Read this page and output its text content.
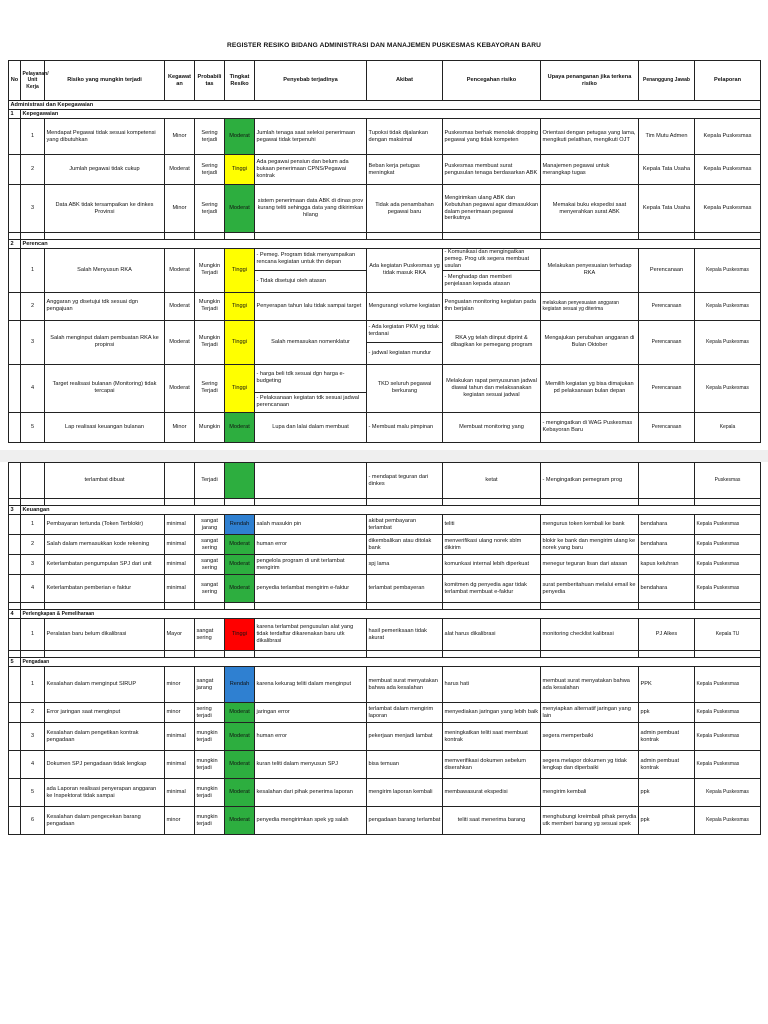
REGISTER RESIKO BIDANG ADMINISTRASI DAN MANAJEMEN PUSKESMAS KEBAYORAN BARU
No	Pelayanan/ Unit Kerja	Risiko yang mungkin terjadi	Kegawat an	Probabili tas	Tingkat Resiko	Penyebab terjadinya	Akibat	Pencegahan risiko	Upaya penanganan jika terkena risiko	Penanggung Jawab	Pelaporan
Administrasi dan Kepegawaian											
1	Kepegawaian										
	1	Mendapat Pegawai tidak sesuai kompetensi yang dibutuhkan	Minor	Sering terjadi	Moderat	Jumlah tenaga saat seleksi penerimaan pegawai tidak terpenuhi	Tupoksi tidak dijalankan dengan maksimal	Puskesmas berhak menolak dropping pegawai yang tidak kompeten	Orientasi dengan petugas yang lama, mengikuti pelatihan, mengikuti OJT	Tim Mutu Admen	Kepala Puskesmas
	2	Jumlah pegawai tidak cukup	Moderat	Sering terjadi	Tinggi	Ada pegawai pensiun dan belum ada bukaan penerimaan CPNS/Pegawai kontrak	Beban kerja petugas meningkat	Puskesmas membuat surat pengusulan tenaga berdasarkan ABK	Manajemen pegawai untuk merangkap tugas	Kepala Tata Usaha	Kepala Puskesmas
	3	Data ABK tidak tersampaikan ke dinkes Provinsi	Minor	Sering terjadi	Moderat	sistem penerimaan data ABK di dinas prov kurang teliti sehingga data yang dikirimkan hilang	Tidak ada penambahan pegawai baru	Mengirimkan ulang ABK dan Kebutuhan pegawai agar dimasukkan dalam penerimaan pegawai berikutnya	Memakai buku ekspedisi saat menyerahkan surat ABK	Kepala Tata Usaha	Kepala Puskesmas

2	Perencan										
	1	Salah Menyusun RKA	Moderat	Mungkin Terjadi	Tinggi	- Pemeg. Program tidak menyampaikan rencana kegiatan untuk thn depan	Ada kegiatan Puskesmas yg tidak masuk RKA	- Komunikasi dan mengingatkan pemeg. Prog utk segera membuat usulan	Melakukan penyesuaian terhadap RKA	Perencanaan	Kepala Puskesmas
						- Tidak disetujui oleh atasan		- Menghadap dan memberi penjelasan kepada atasan			
	2	Anggaran yg disetujui tdk sesuai dgn pengajuan	Moderat	Mungkin Terjadi	Tinggi	Penyerapan tahun lalu tidak sampai target	Mengurangi volume kegiatan	Penguatan monitoring kegiatan pada thn berjalan	melakukan penyesuaian anggaran kegiatan sesuai yg diterima	Perencanaan	Kepala Puskesmas
	3	Salah menginput dalam pembuatan RKA ke propinsi	Moderat	Mungkin Terjadi	Tinggi	Salah memasukan nomenklatur	- Ada kegiatan PKM yg tidak terdanai	RKA yg telah diinput diprint & dibagikan ke pemegang program	Mengajukan perubahan anggaran di Bulan Oktober	Perencanaan	Kepala Puskesmas
							- jadwal kegiatan mundur				
	4	Target realisasi bulanan (Monitoring) tidak tercapai	Moderat	Sering Terjadi	Tinggi	- harga beli tdk sesuai dgn harga e-budgeting	TKD seluruh pegawai berkurang	Melakukan rapat penyusunan jadwal diawal tahun dan melaksanakan kegiatan sesuai jadwal	Memilih kegiatan yg bisa dimajukan pd pelaksanaan bulan depan	Perencanaan	Kepala Puskesmas
						- Pelaksanaan kegiatan tdk sesuai jadwal perencanaan					
	5	Lap realisasi keuangan bulanan	Minor	Mungkin	Moderat	Lupa dan lalai dalam membuat	- Membuat malu pimpinan	Membuat monitoring yang	- mengingatkan di WAG Puskesmas Kebayoran Baru	Perencanaan	Kepala
		terlambat dibuat		Terjadi			- mendapat teguran dari dinkes	ketat	- Mengingatkan pemegram prog		Puskesmas

3	Keuangan										
	1	Pembayaran tertunda (Token Terblokir)	minimal	sangat jarang	Rendah	salah masukin pin	akibat pembayaran terlambat	teliti	mengurus token kembali ke bank	bendahara	Kepala Puskesmas
	2	Salah dalam memasukkan kode rekening	minimal	sangat sering	Moderat	human error	dikembalikan atau ditolak bank	menverifikasi ulang norek sblm dikirim	blokir ke bank dan mengirim ulang ke norek yang baru	bendahara	Kepala Puskesmas
	3	Keterlambatan pengumpulan SPJ dari unit	minimal	sangat sering	Moderat	pengelola program di unit terlambat mengirim	spj lama	komunkasi internal lebih diperkuat	menegur teguran lisan dari atasan	kapus keluhran	Kepala Puskesmas
	4	Keterlambatan pemberian e faktur	minimal	sangat sering	Moderat	penyedia terlambat mengirim e-faktur	terlambat pembayeran	komitmen dg penyedia agar tidak terlambat membuat e-faktur	surat pemberitahuan melalui email ke penyedia	bendahara	Kepala Puskesmas

4	Perlengkapan & Pemeliharaan										
	1	Peralatan baru belum dikalibrasi	Mayor	sangat sering	Tinggi	karena terlambat pengusulan alat yang tidak terdaftar dikarenakan baru utk dikalibrasi	hasil pemeriksaan tidak akurat	alat harus dikalibrasi	monitoring checklist kalibrasi	PJ Alkes	Kepala TU

5	Pengadaan										
	1	Kesalahan dalam menginput SIRUP	minor	sangat jarang	Rendah	karena kekurag teliti dalam menginput	membuat surat menyatakan bahwa ada kesalahan	harus hati	membuat surat menyatakan bahwa ada kesalahan	PPK	Kepala Puskesmas
	2	Error jaringan saat menginput	minor	sering terjadi	Moderat	jaringan error	terlambat dalam mengirim laporan	menyediakan jaringan yang lebih baik	menyiapkan alternatif jaringan yang lain	ppk	Kepala Puskesmas
	3	Kesalahan dalam pengetikan kontrak pengadaan	minimal	mungkin terjadi	Moderat	human error	pekerjaan menjadi lambat	meningkatkan teliti saat membuat kontrak	segera memperbaiki	admin pembuat kontrak	Kepala Puskesmas
	4	Dokumen SPJ pengadaan tidak lengkap	minimal	mungkin terjadi	Moderat	kuran teliti dalam menyusun SPJ	bisa temuan	memverifikasi dokumen sebelum diserahkan	segera melapor dokumen yg tidak lengkap dan diperbaiki	admin pembuat kontrak	Kepala Puskesmas
	5	ada Laporan realisasi penyerapan anggaran ke Inspektorat tidak sampai	minimal	mungkin terjadi	Moderat	kesalahan dari pihak penerima laporan	mengirim laporan kembali	membawasurat ekspedisi	mengirim kembali	ppk	Kepala Puskesmas
	6	Kesalahan dalam pengecekan barang pengadaan	minor	mungkin terjadi	Moderat	penyedia mengirimkan spek yg salah	pengadaan barang terlambat	teliti saat menerima barang	menghubungi kreimbali pihak penydia utk memberi barang yg sesuai spek	ppk	Kepala Puskesmas
